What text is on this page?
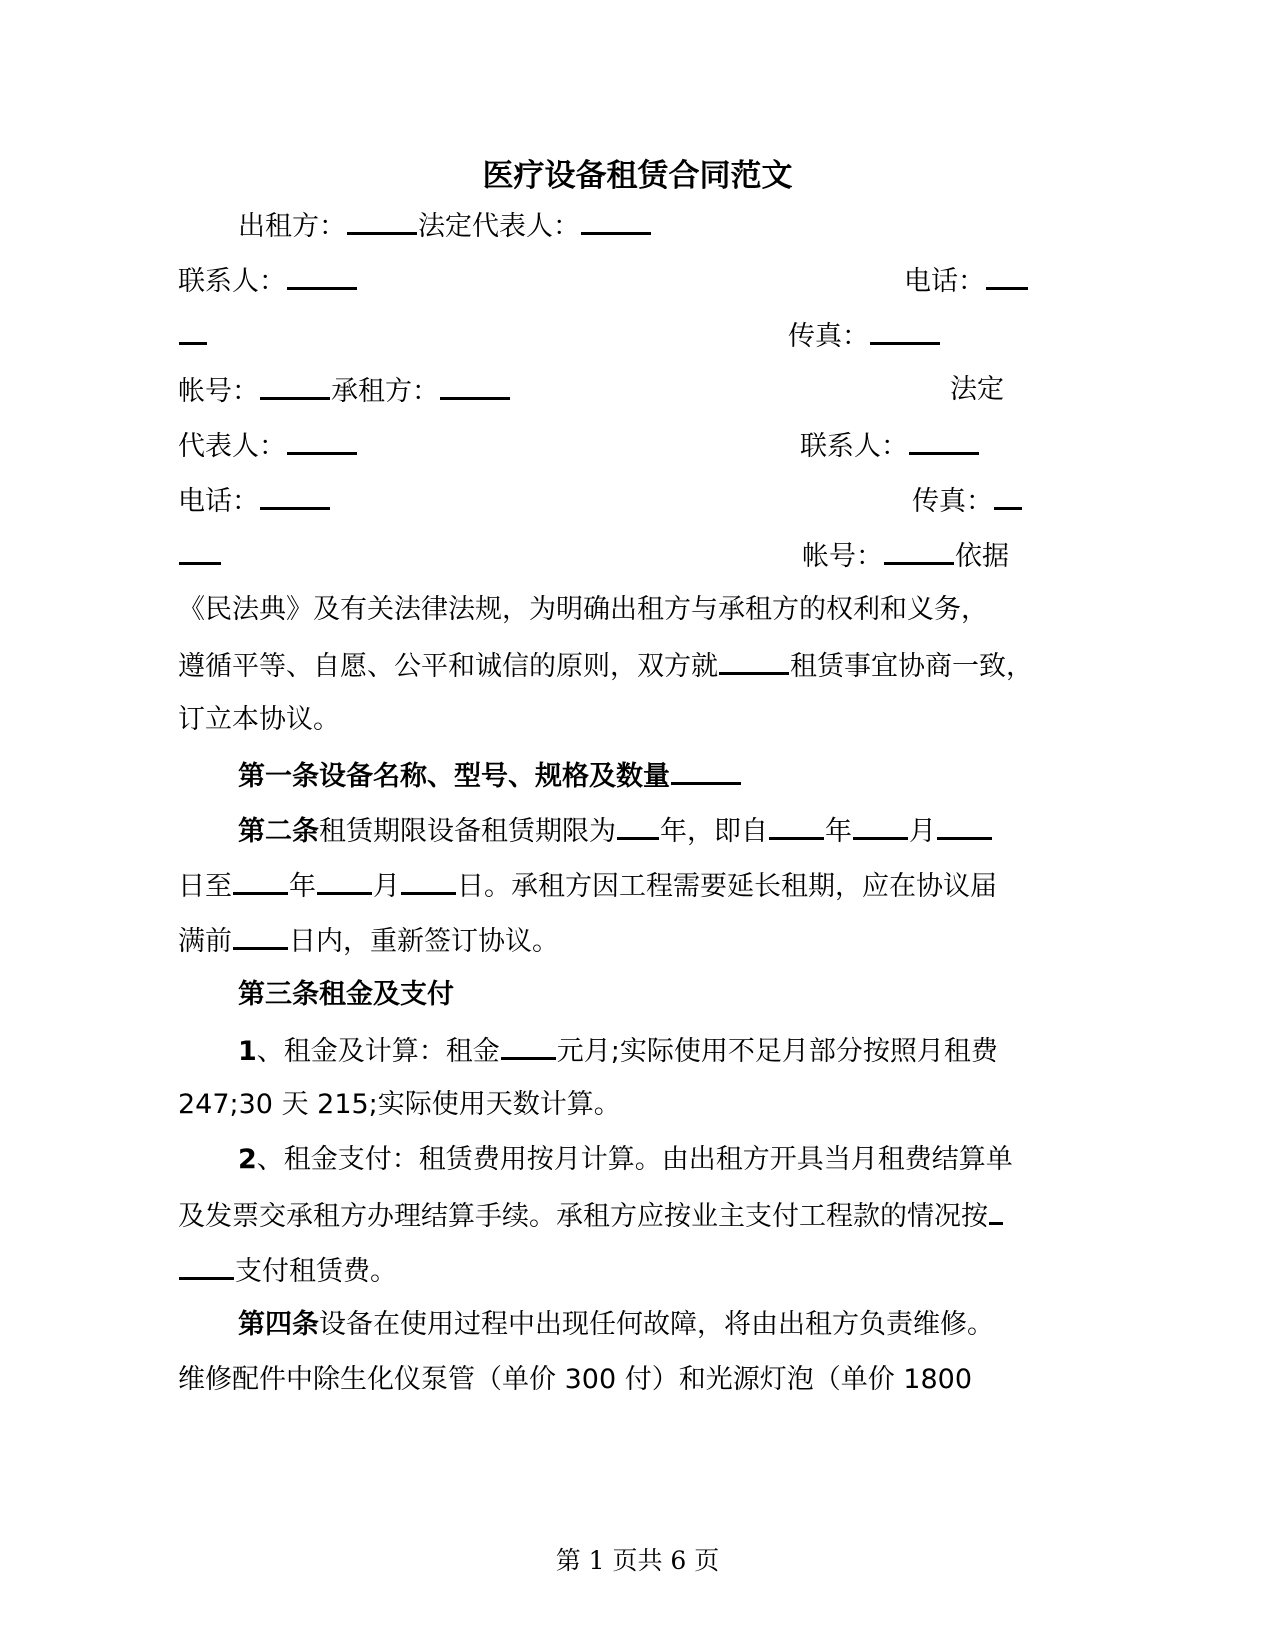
医疗设备租赁合同范文
出租方：	法定代表人：
联系人：	电话：
传真：
帐号：	承租方：	法定
代表人：	联系人：
电话：	传真：
帐号：	依据
《民法典》及有关法律法规，为明确出租方与承租方的权利和义务，
遵循平等、自愿、公平和诚信的原则，双方就	租赁事宜协商一致，
订立本协议。
第一条设备名称、型号、规格及数量
第二条租赁期限设备租赁期限为 年，即自 年 月
日至 年 月 日。承租方因工程需要延长租期，应在协议届
满前 日内，重新签订协议。
第三条租金及支付
1、租金及计算：租金 元月;实际使用不足月部分按照月租费
247;30 天 215;实际使用天数计算。
2、租金支付：租赁费用按月计算。由出租方开具当月租费结算单
及发票交承租方办理结算手续。承租方应按业主支付工程款的情况按
支付租赁费。
第四条设备在使用过程中出现任何故障，将由出租方负责维修。
维修配件中除生化仪泵管（单价 300 付）和光源灯泡（单价 1800
第 1 页共 6 页
